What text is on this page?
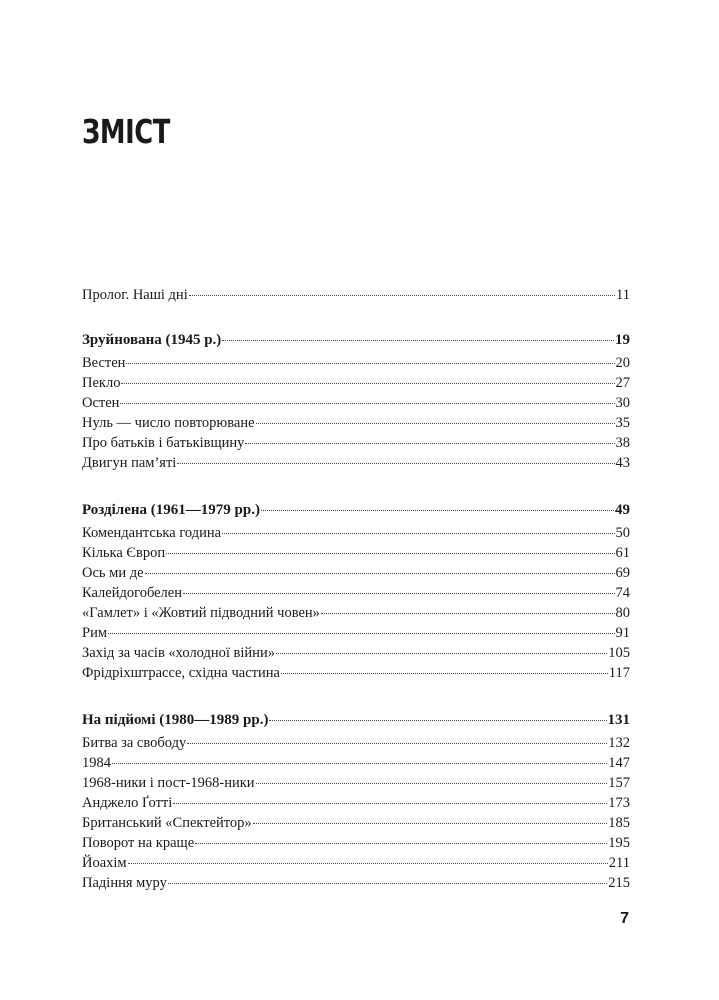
ЗМІСТ
Пролог. Наші дні	11
Зруйнована (1945 р.)	19
Вестен	20
Пекло	27
Остен	30
Нуль — число повторюване	35
Про батьків і батьківщину	38
Двигун пам’яті	43
Розділена (1961—1979 рр.)	49
Комендантська година	50
Кілька Європ	61
Ось ми де	69
Калейдогобелен	74
«Гамлет» і «Жовтий підводний човен»	80
Рим	91
Захід за часів «холодної війни»	105
Фрідріхштрассе, східна частина	117
На підйомі (1980—1989 рр.)	131
Битва за свободу	132
1984	147
1968-ники і пост-1968-ники	157
Анджело Ґотті	173
Британський «Спектейтор»	185
Поворот на краще	195
Йоахім	211
Падіння муру	215
7
